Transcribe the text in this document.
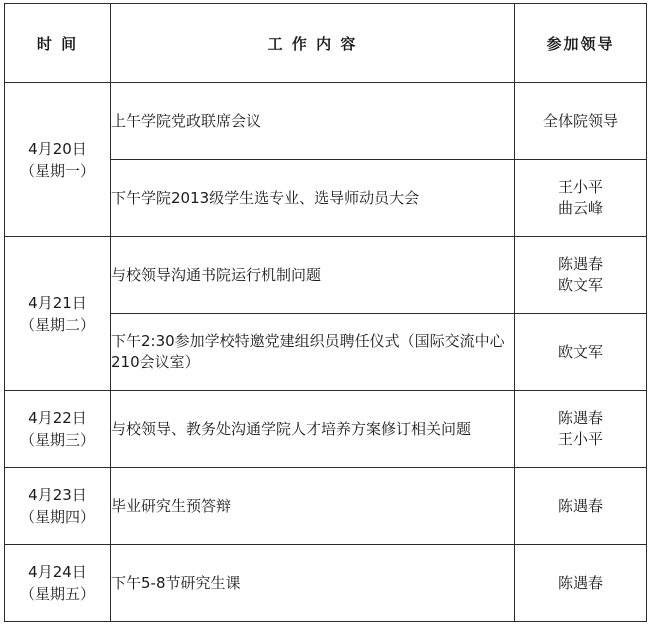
时 间	工 作 内 容	参加领导

4月20日
（星期一）	上午学院党政联席会议	全体院领导

	下午学院2013级学生选专业、选导师动员大会	王小平
曲云峰

4月21日
（星期二）	与校领导沟通书院运行机制问题	陈遇春
欧文军

	下午2:30参加学校特邀党建组织员聘任仪式（国际交流中心210会议室）	欧文军

4月22日
（星期三）	与校领导、教务处沟通学院人才培养方案修订相关问题	陈遇春
王小平

4月23日
（星期四）	毕业研究生预答辩	陈遇春

4月24日
（星期五）	下午5-8节研究生课	陈遇春
